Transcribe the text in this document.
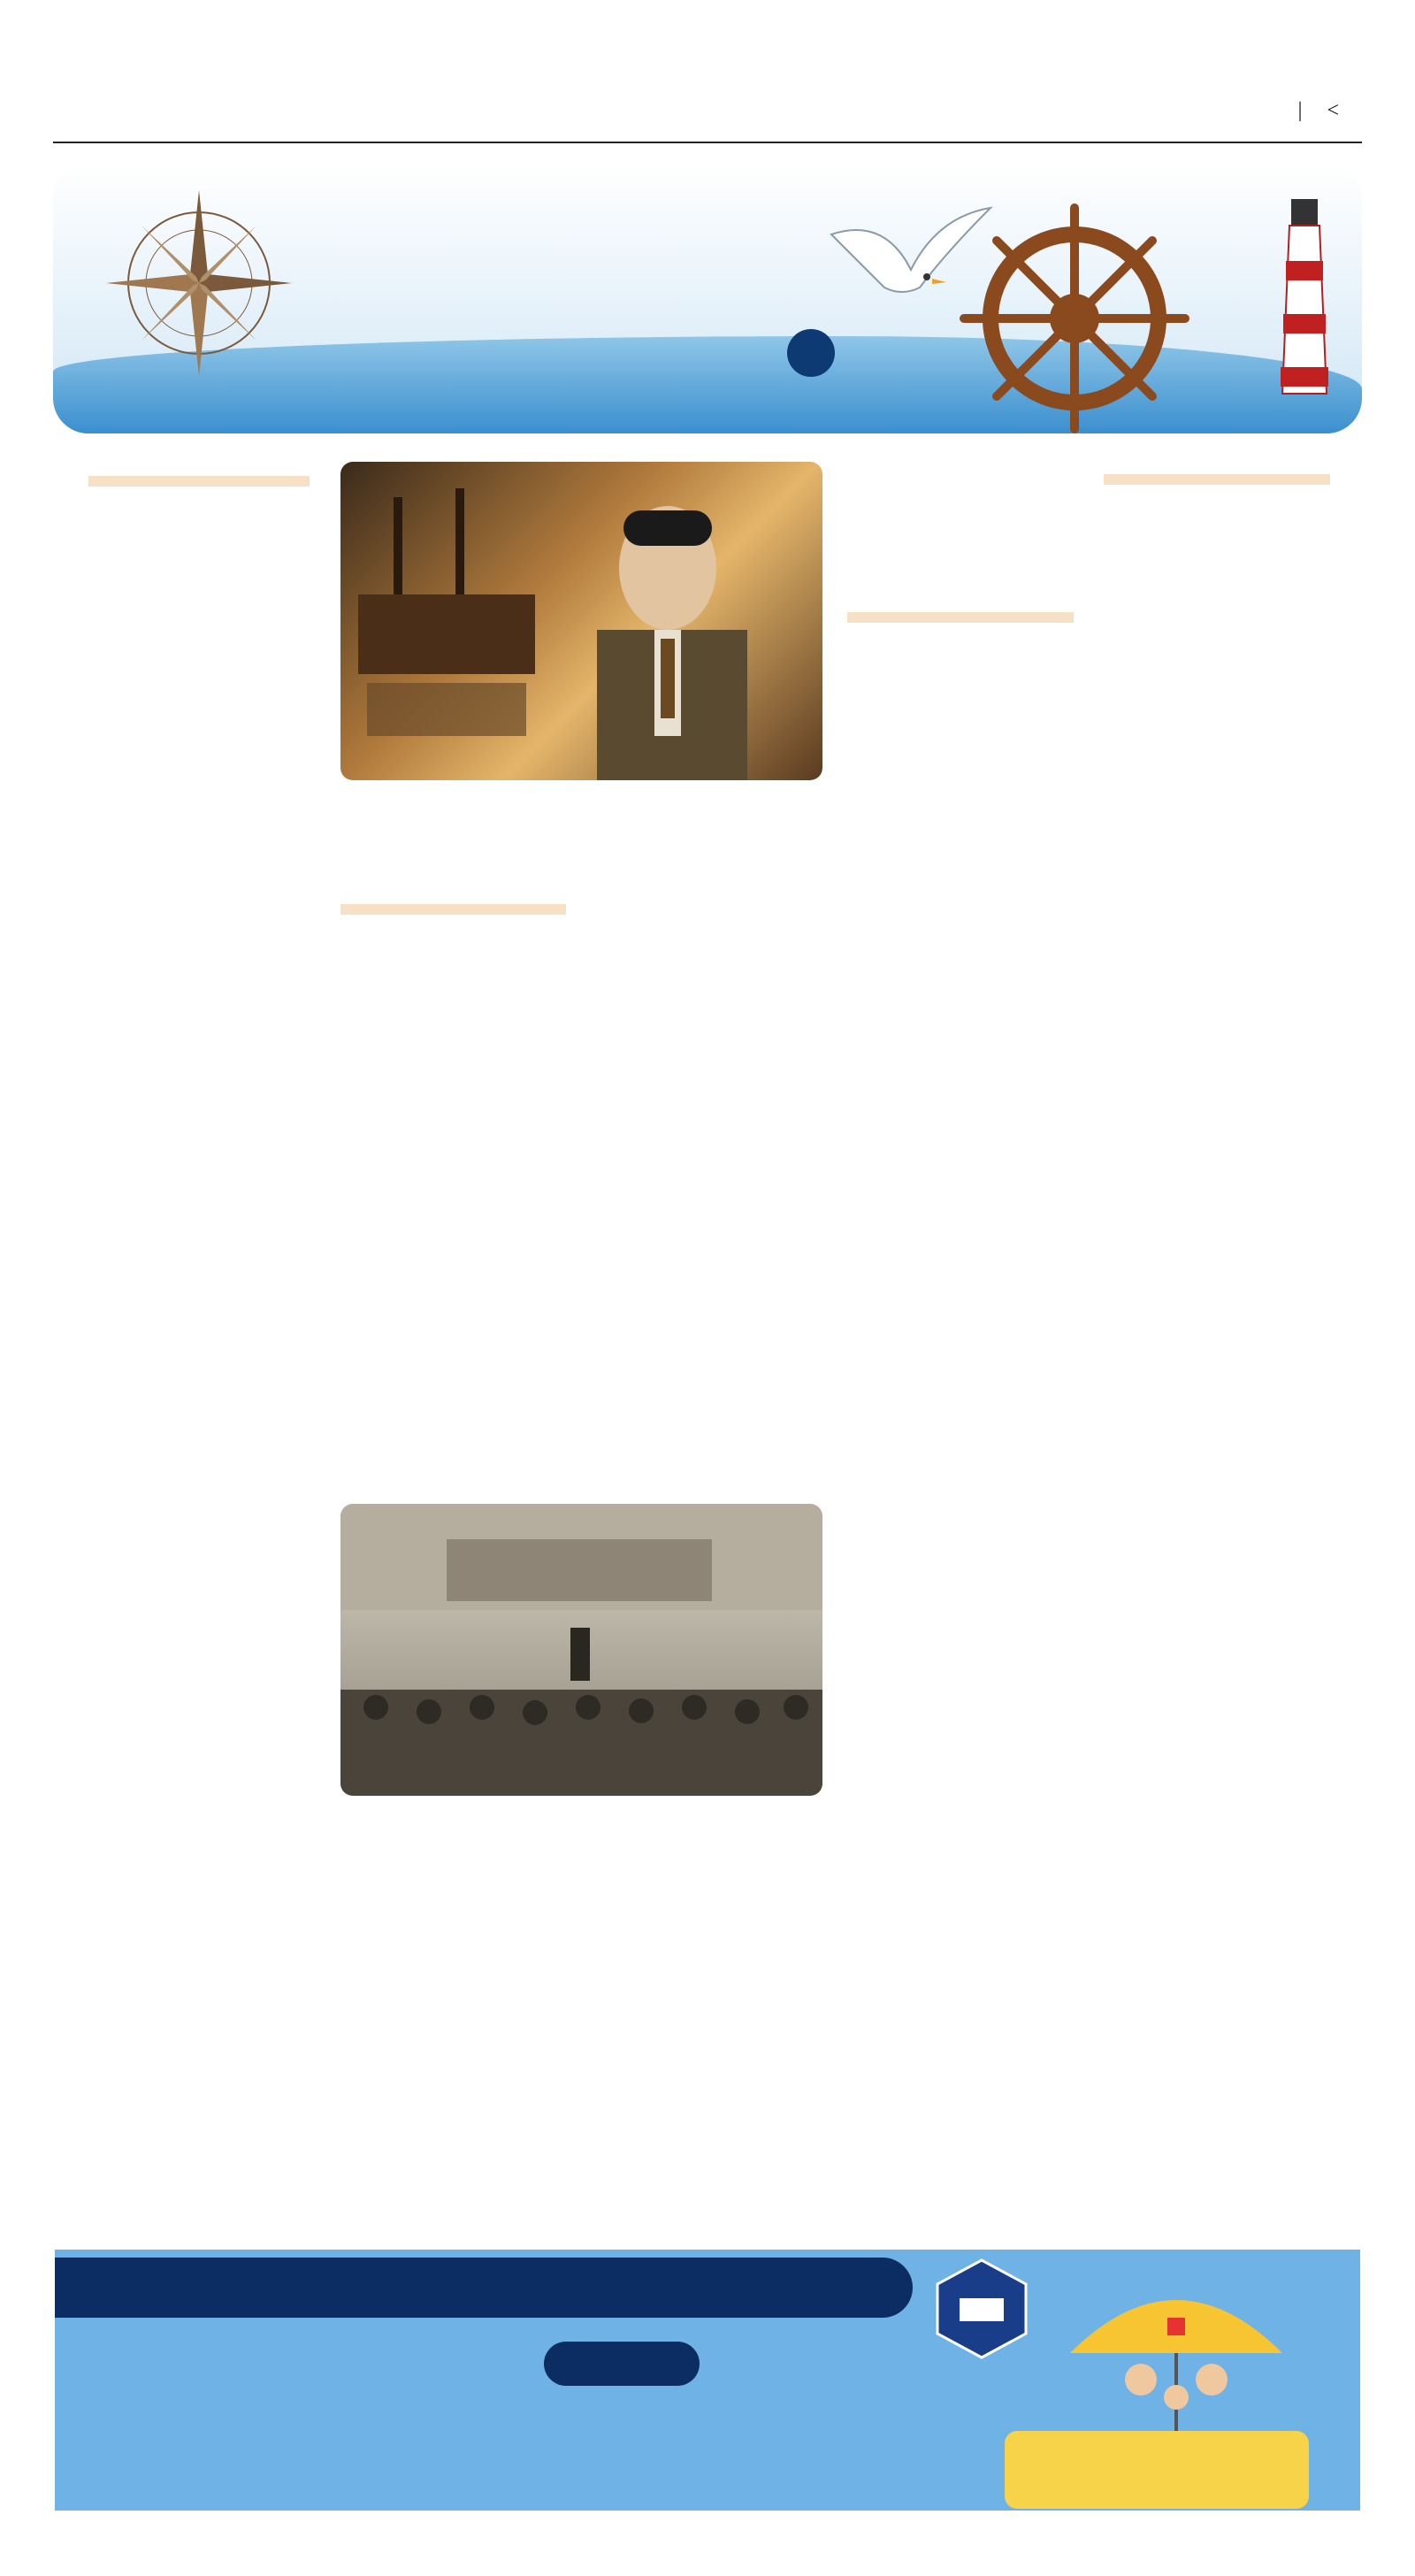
| <
